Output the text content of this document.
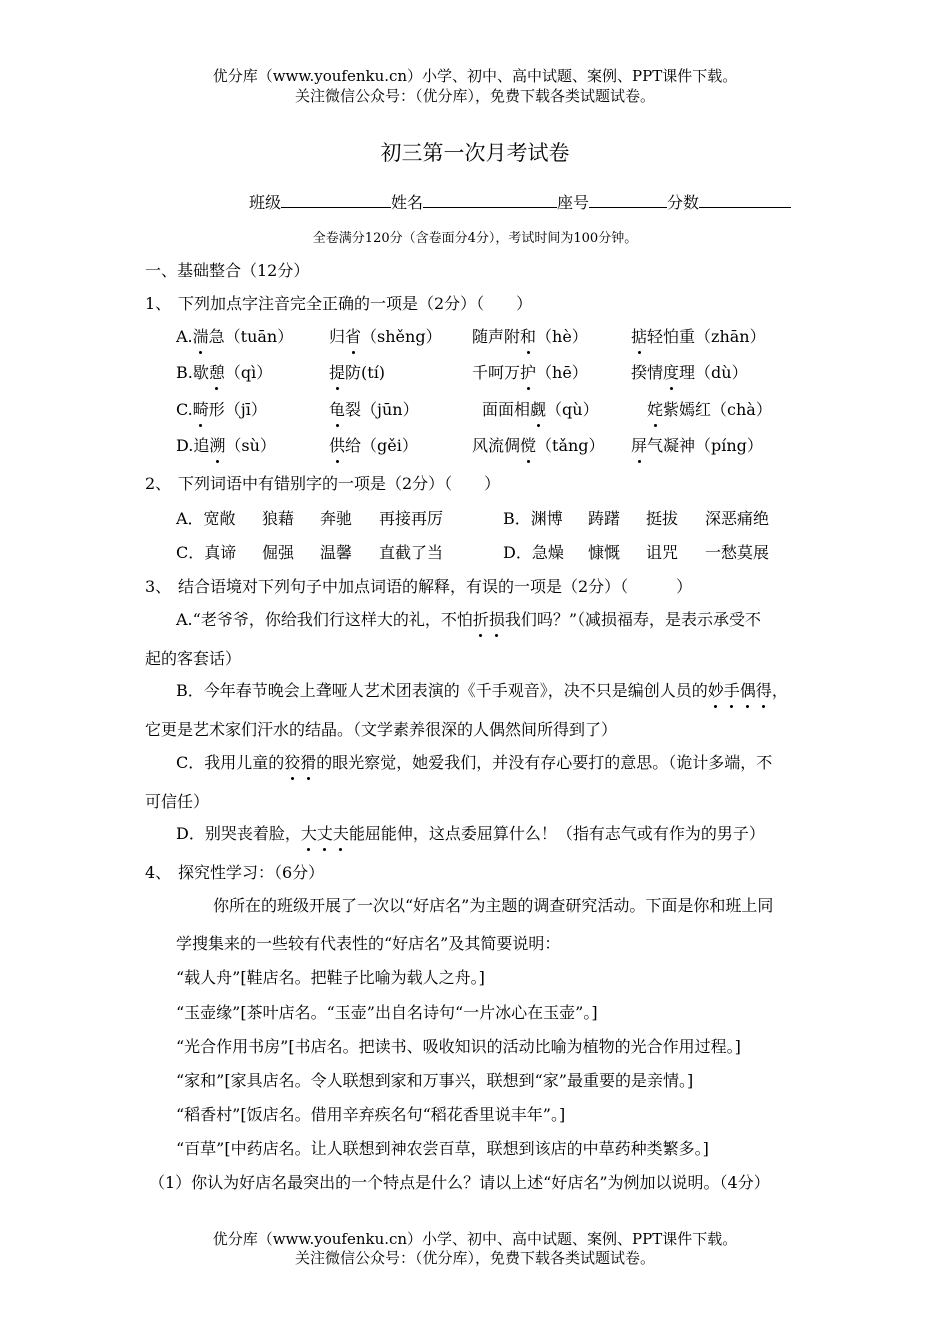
优分库（www.youfenku.cn）小学、初中、高中试题、案例、PPT课件下载。
关注微信公众号：（优分库），免费下载各类试题试卷。
初三第一次月考试卷
班级	姓名	座号	分数
全卷满分120分（含卷面分4分），考试时间为100分钟。
一、基础整合（12分）
1、 下列加点字注音完全正确的一项是（2分）（　　）
A.湍急（tuān） 归省（shěng） 随声附和（hè）	掂轻怕重（zhān）
B.歇憩（qì）	提防(tí)	千呵万护（hē）	揆情度理（dù）
C.畸形（jī）	龟裂（jūn）	面面相觑（qù）	姹紫嫣红（chà）
D.追溯（sù）	供给（gěi）	风流倜傥（tǎng） 屏气凝神（píng）
2、 下列词语中有错别字的一项是（2分）（　　）
A．宽敞 狼藉 奔驰 再接再厉	B．渊博 踌躇 挺拔 深恶痛绝
C．真谛 倔强 温馨 直截了当	D．急燥 慷慨 诅咒 一愁莫展
3、 结合语境对下列句子中加点词语的解释，有误的一项是（2分）（　　　）
A.“老爷爷，你给我们行这样大的礼，不怕折损我们吗？”（减损福寿，是表示承受不
起的客套话）
B．今年春节晚会上聋哑人艺术团表演的《千手观音》，决不只是编创人员的妙手偶得，
它更是艺术家们汗水的结晶。（文学素养很深的人偶然间所得到了）
C．我用儿童的狡猾的眼光察觉，她爱我们，并没有存心要打的意思。（诡计多端，不
可信任）
D．别哭丧着脸，大丈夫能屈能伸，这点委屈算什么！（指有志气或有作为的男子）
4、 探究性学习：（6分）
你所在的班级开展了一次以“好店名”为主题的调查研究活动。下面是你和班上同
学搜集来的一些较有代表性的“好店名”及其简要说明：
“载人舟”[鞋店名。把鞋子比喻为载人之舟。]
“玉壶缘”[茶叶店名。“玉壶”出自名诗句“一片冰心在玉壶”。]
“光合作用书房”[书店名。把读书、吸收知识的活动比喻为植物的光合作用过程。]
“家和”[家具店名。令人联想到家和万事兴，联想到“家”最重要的是亲情。]
“稻香村”[饭店名。借用辛弃疾名句“稻花香里说丰年”。]
“百草”[中药店名。让人联想到神农尝百草，联想到该店的中草药种类繁多。]
（1）你认为好店名最突出的一个特点是什么？请以上述“好店名”为例加以说明。（4分）
优分库（www.youfenku.cn）小学、初中、高中试题、案例、PPT课件下载。
关注微信公众号：（优分库），免费下载各类试题试卷。
